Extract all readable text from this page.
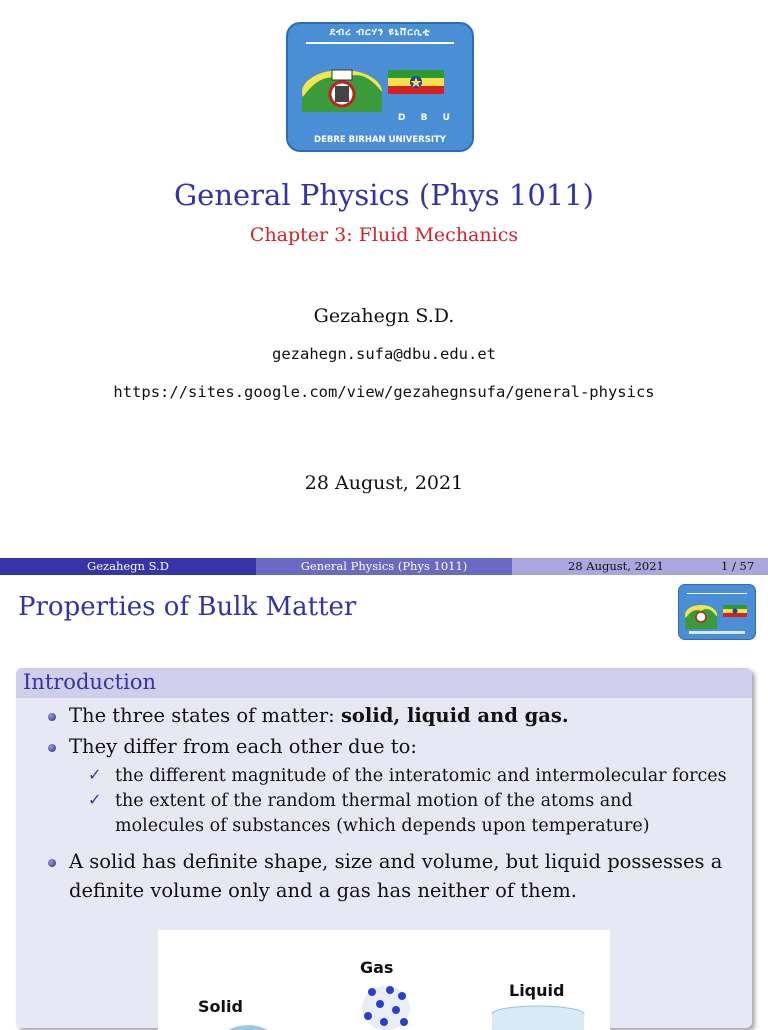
ደብረ ብርሃን ዩኒቨርሲቲ
D B U
DEBRE BIRHAN UNIVERSITY
General Physics (Phys 1011)
Chapter 3: Fluid Mechanics
Gezahegn S.D.
gezahegn.sufa@dbu.edu.et
https://sites.google.com/view/gezahegnsufa/general-physics
28 August, 2021
Gezahegn S.D	General Physics (Phys 1011)	28 August, 2021	1 / 57
Properties of Bulk Matter
Introduction
The three states of matter: solid, liquid and gas.
They differ from each other due to:
✓ the different magnitude of the interatomic and intermolecular forces
✓ the extent of the random thermal motion of the atoms and
molecules of substances (which depends upon temperature)
A solid has definite shape, size and volume, but liquid possesses a
definite volume only and a gas has neither of them.
Gas
Solid
Liquid
